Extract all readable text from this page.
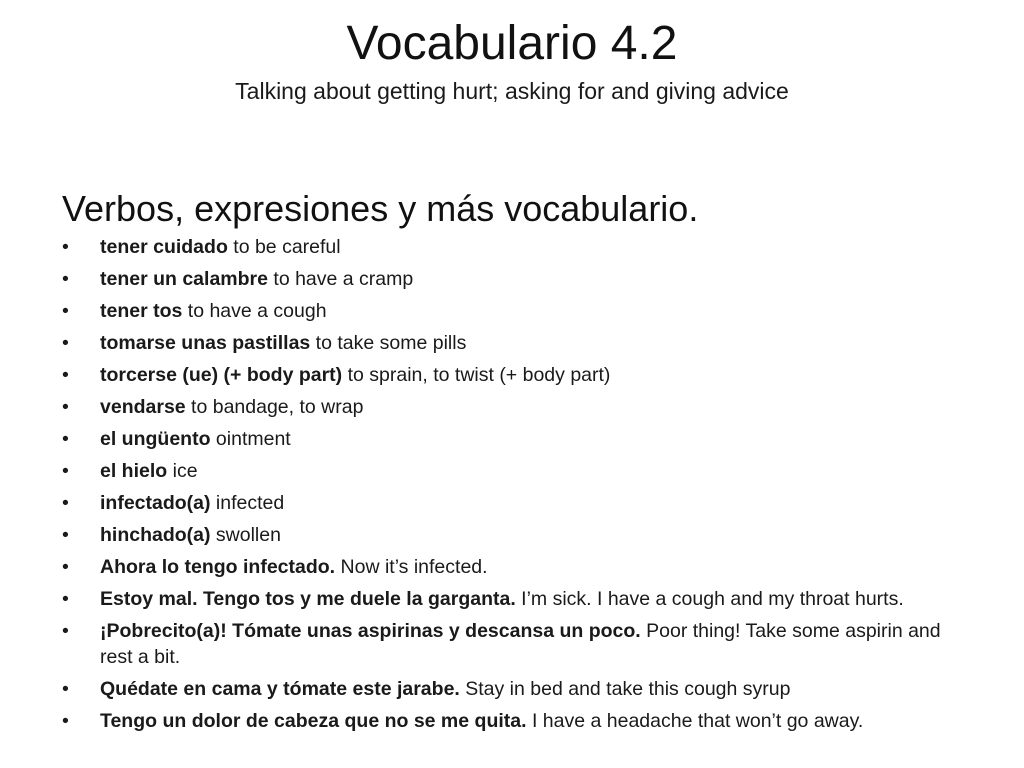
Vocabulario 4.2

Talking about getting hurt; asking for and giving advice

Verbos, expresiones y más vocabulario.
•	tener cuidado to be careful
•	tener un calambre to have a cramp
•	tener tos to have a cough
•	tomarse unas pastillas to take some pills
•	torcerse (ue) (+ body part) to sprain, to twist (+ body part)
•	vendarse to bandage, to wrap
•	el ungüento ointment
•	el hielo ice
•	infectado(a) infected
•	hinchado(a) swollen
•	Ahora lo tengo infectado. Now it’s infected.
•	Estoy mal. Tengo tos y me duele la garganta. I’m sick. I have a cough and my throat hurts.
•	¡Pobrecito(a)! Tómate unas aspirinas y descansa un poco. Poor thing! Take some aspirin and rest a bit.
•	Quédate en cama y tómate este jarabe. Stay in bed and take this cough syrup
•	Tengo un dolor de cabeza que no se me quita. I have a headache that won’t go away.
